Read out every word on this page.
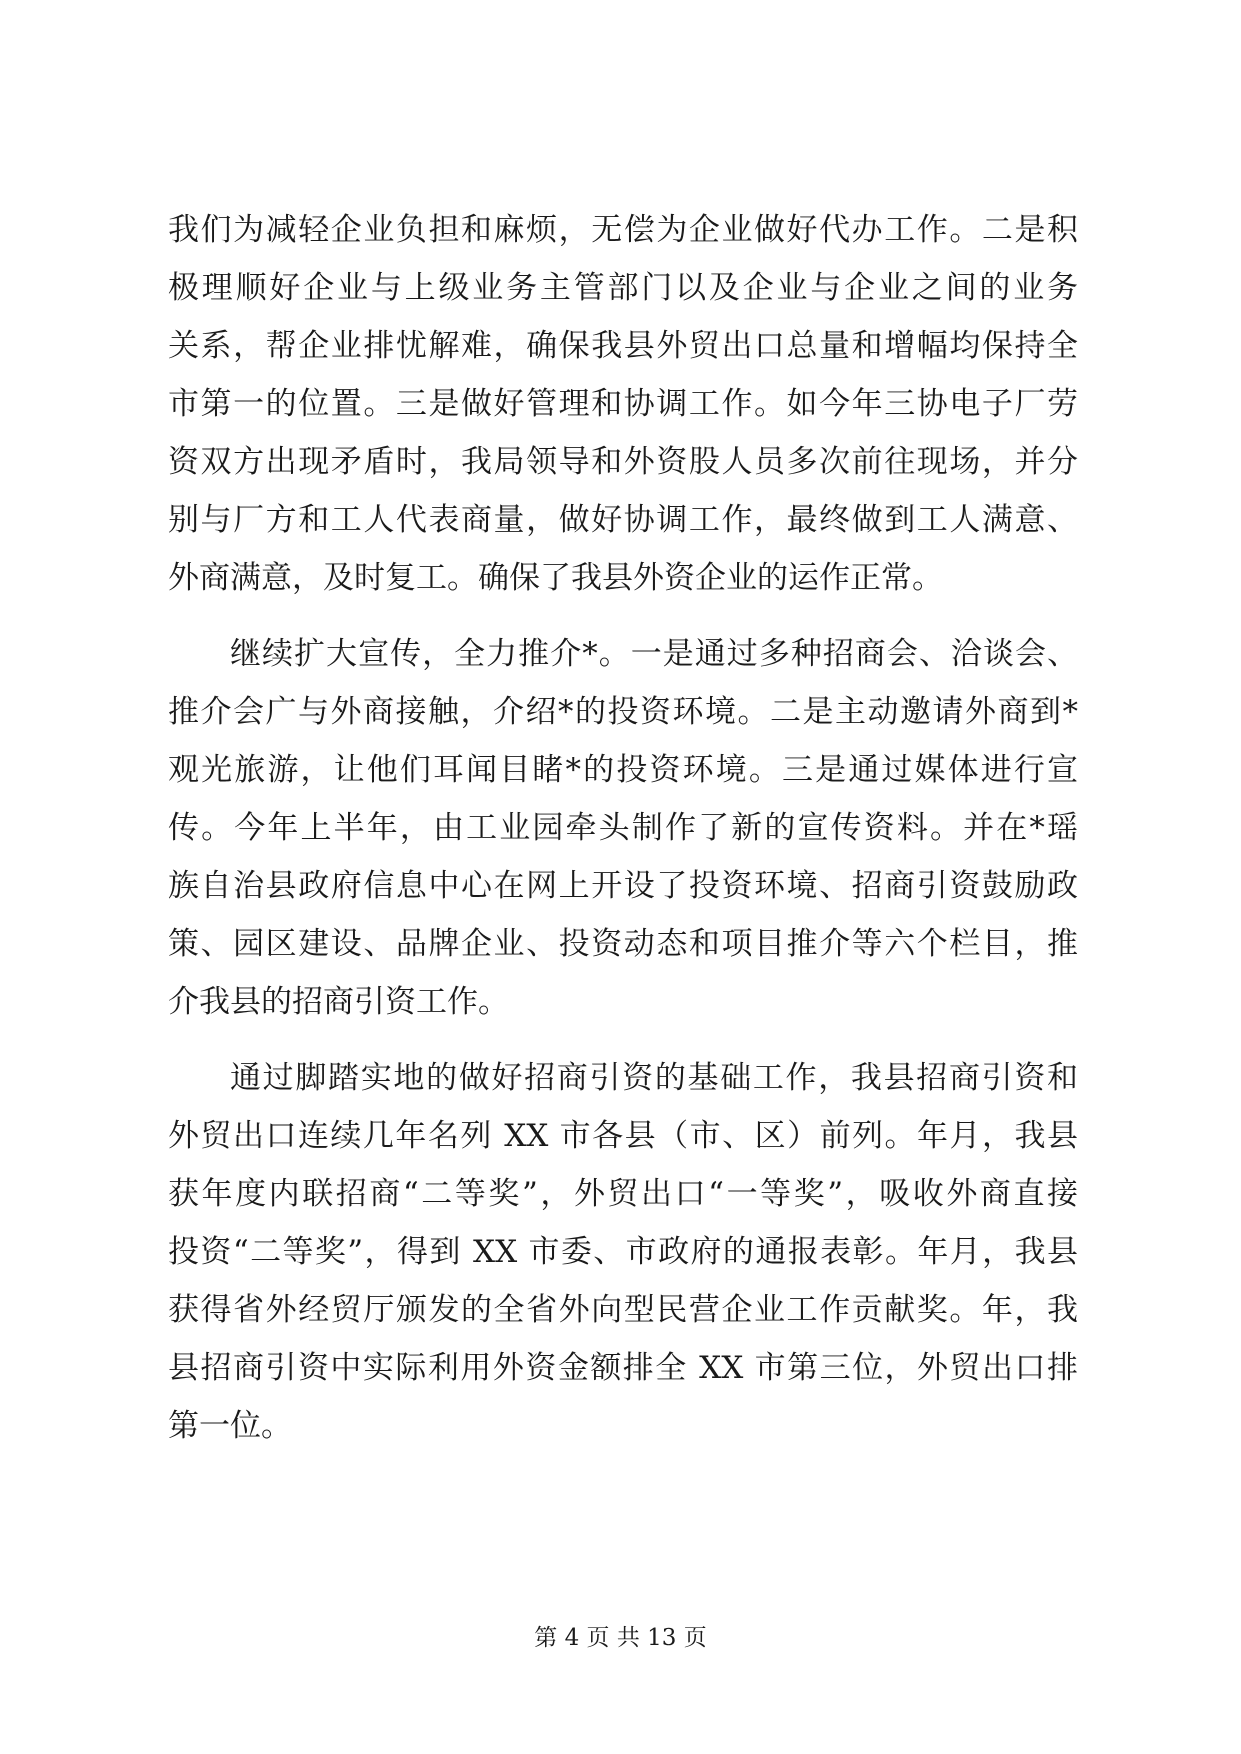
我们为减轻企业负担和麻烦，无偿为企业做好代办工作。二是积
极理顺好企业与上级业务主管部门以及企业与企业之间的业务
关系，帮企业排忧解难，确保我县外贸出口总量和增幅均保持全
市第一的位置。三是做好管理和协调工作。如今年三协电子厂劳
资双方出现矛盾时，我局领导和外资股人员多次前往现场，并分
别与厂方和工人代表商量，做好协调工作，最终做到工人满意、
外商满意，及时复工。确保了我县外资企业的运作正常。
继续扩大宣传，全力推介*。一是通过多种招商会、洽谈会、
推介会广与外商接触，介绍*的投资环境。二是主动邀请外商到*
观光旅游，让他们耳闻目睹*的投资环境。三是通过媒体进行宣
传。今年上半年，由工业园牵头制作了新的宣传资料。并在*瑶
族自治县政府信息中心在网上开设了投资环境、招商引资鼓励政
策、园区建设、品牌企业、投资动态和项目推介等六个栏目，推
介我县的招商引资工作。
通过脚踏实地的做好招商引资的基础工作，我县招商引资和
外贸出口连续几年名列 XX 市各县（市、区）前列。年月，我县
获年度内联招商“二等奖”，外贸出口“一等奖”，吸收外商直接
投资“二等奖”，得到 XX 市委、市政府的通报表彰。年月，我县
获得省外经贸厅颁发的全省外向型民营企业工作贡献奖。年，我
县招商引资中实际利用外资金额排全 XX 市第三位，外贸出口排
第一位。
第 4 页 共 13 页
